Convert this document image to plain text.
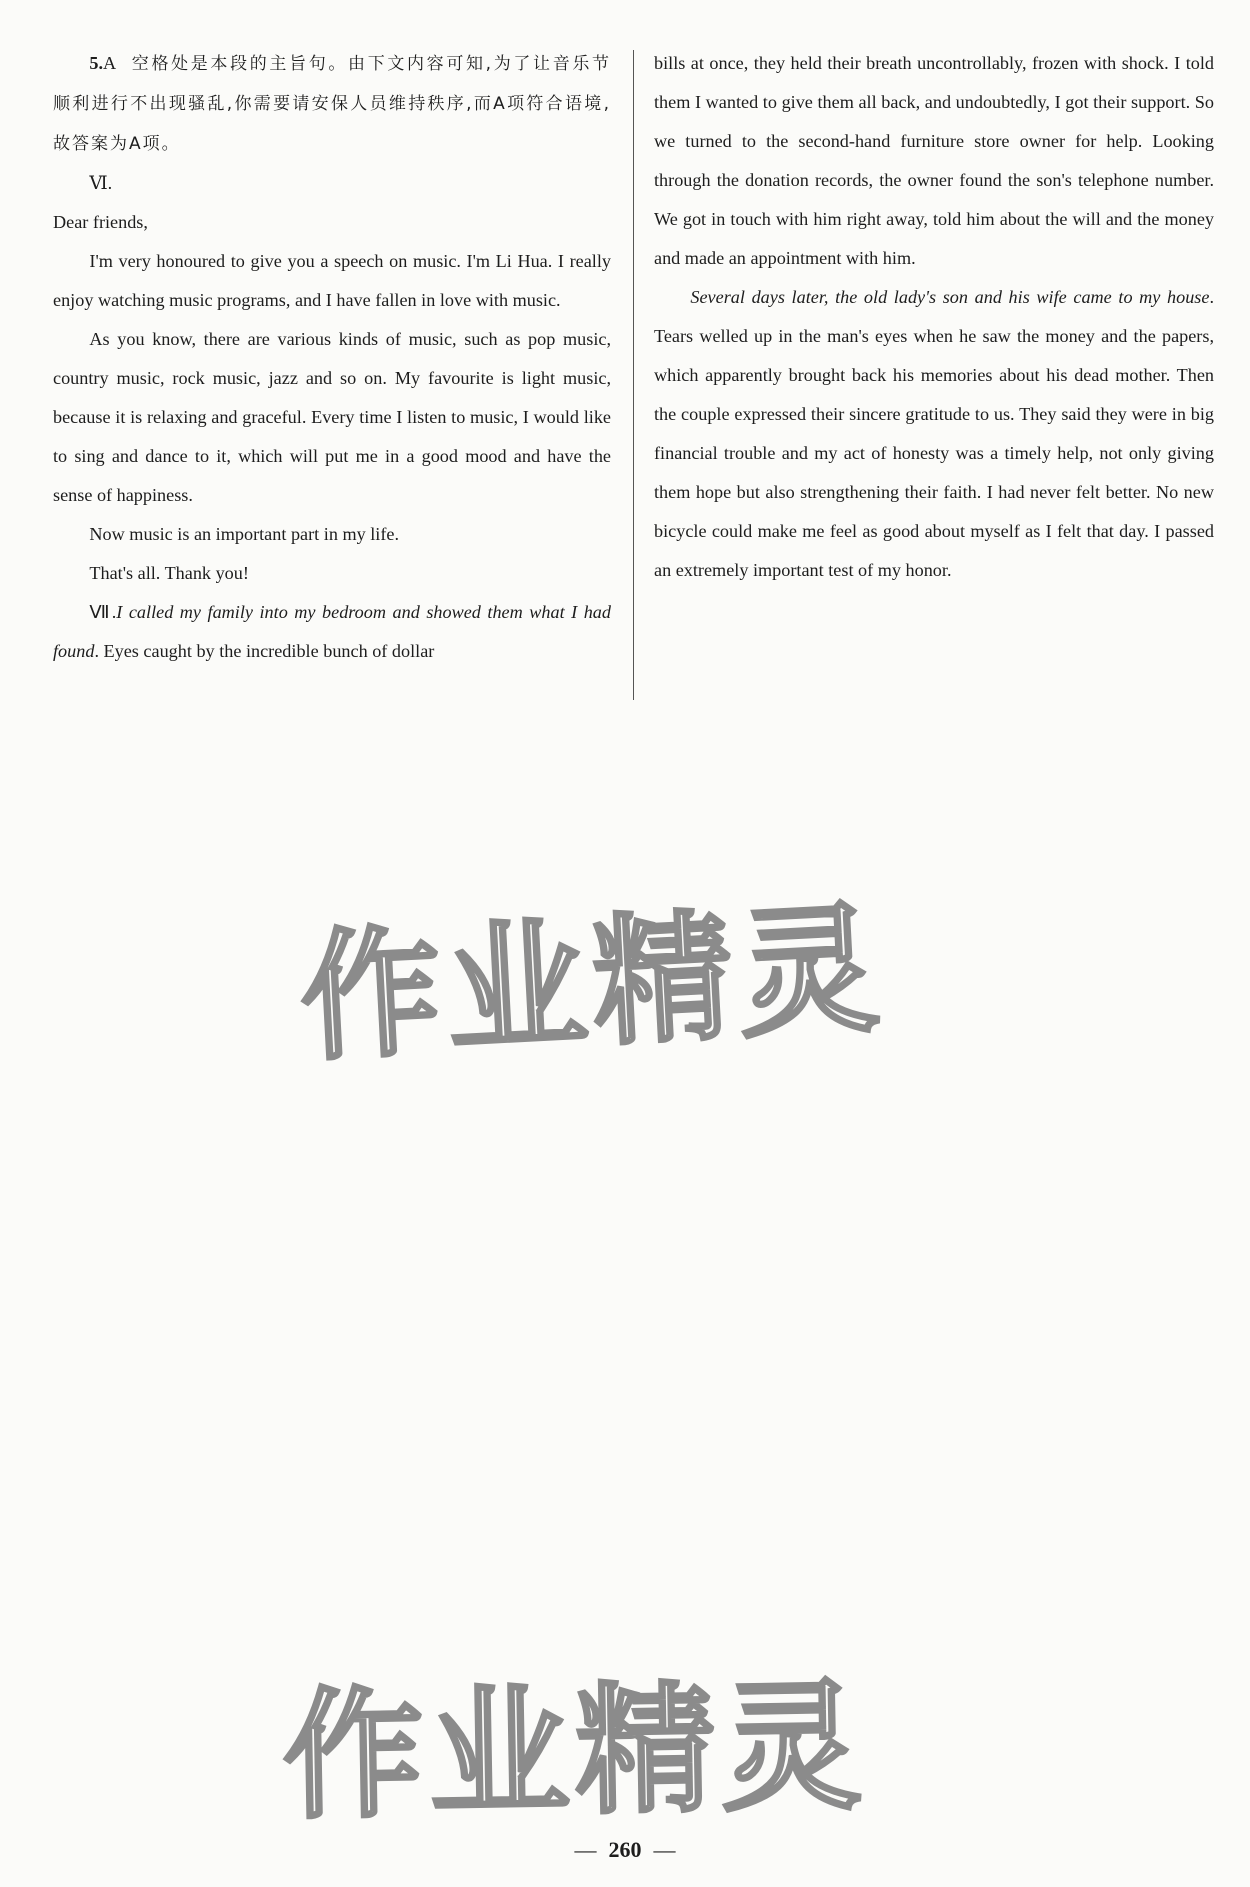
5.A 空格处是本段的主旨句。由下文内容可知,为了让音乐节顺利进行不出现骚乱,你需要请安保人员维持秩序,而A项符合语境,故答案为A项。

Ⅵ.

Dear friends,

I'm very honoured to give you a speech on music. I'm Li Hua. I really enjoy watching music programs, and I have fallen in love with music.

As you know, there are various kinds of music, such as pop music, country music, rock music, jazz and so on. My favourite is light music, because it is relaxing and graceful. Every time I listen to music, I would like to sing and dance to it, which will put me in a good mood and have the sense of happiness.

Now music is an important part in my life.

That's all. Thank you!

Ⅶ.I called my family into my bedroom and showed them what I had found. Eyes caught by the incredible bunch of dollar

bills at once, they held their breath uncontrollably, frozen with shock. I told them I wanted to give them all back, and undoubtedly, I got their support. So we turned to the second-hand furniture store owner for help. Looking through the donation records, the owner found the son's telephone number. We got in touch with him right away, told him about the will and the money and made an appointment with him.

Several days later, the old lady's son and his wife came to my house. Tears welled up in the man's eyes when he saw the money and the papers, which apparently brought back his memories about his dead mother. Then the couple expressed their sincere gratitude to us. They said they were in big financial trouble and my act of honesty was a timely help, not only giving them hope but also strengthening their faith. I had never felt better. No new bicycle could make me feel as good about myself as I felt that day. I passed an extremely important test of my honor.

作业精灵
作业精灵
— 260 —
